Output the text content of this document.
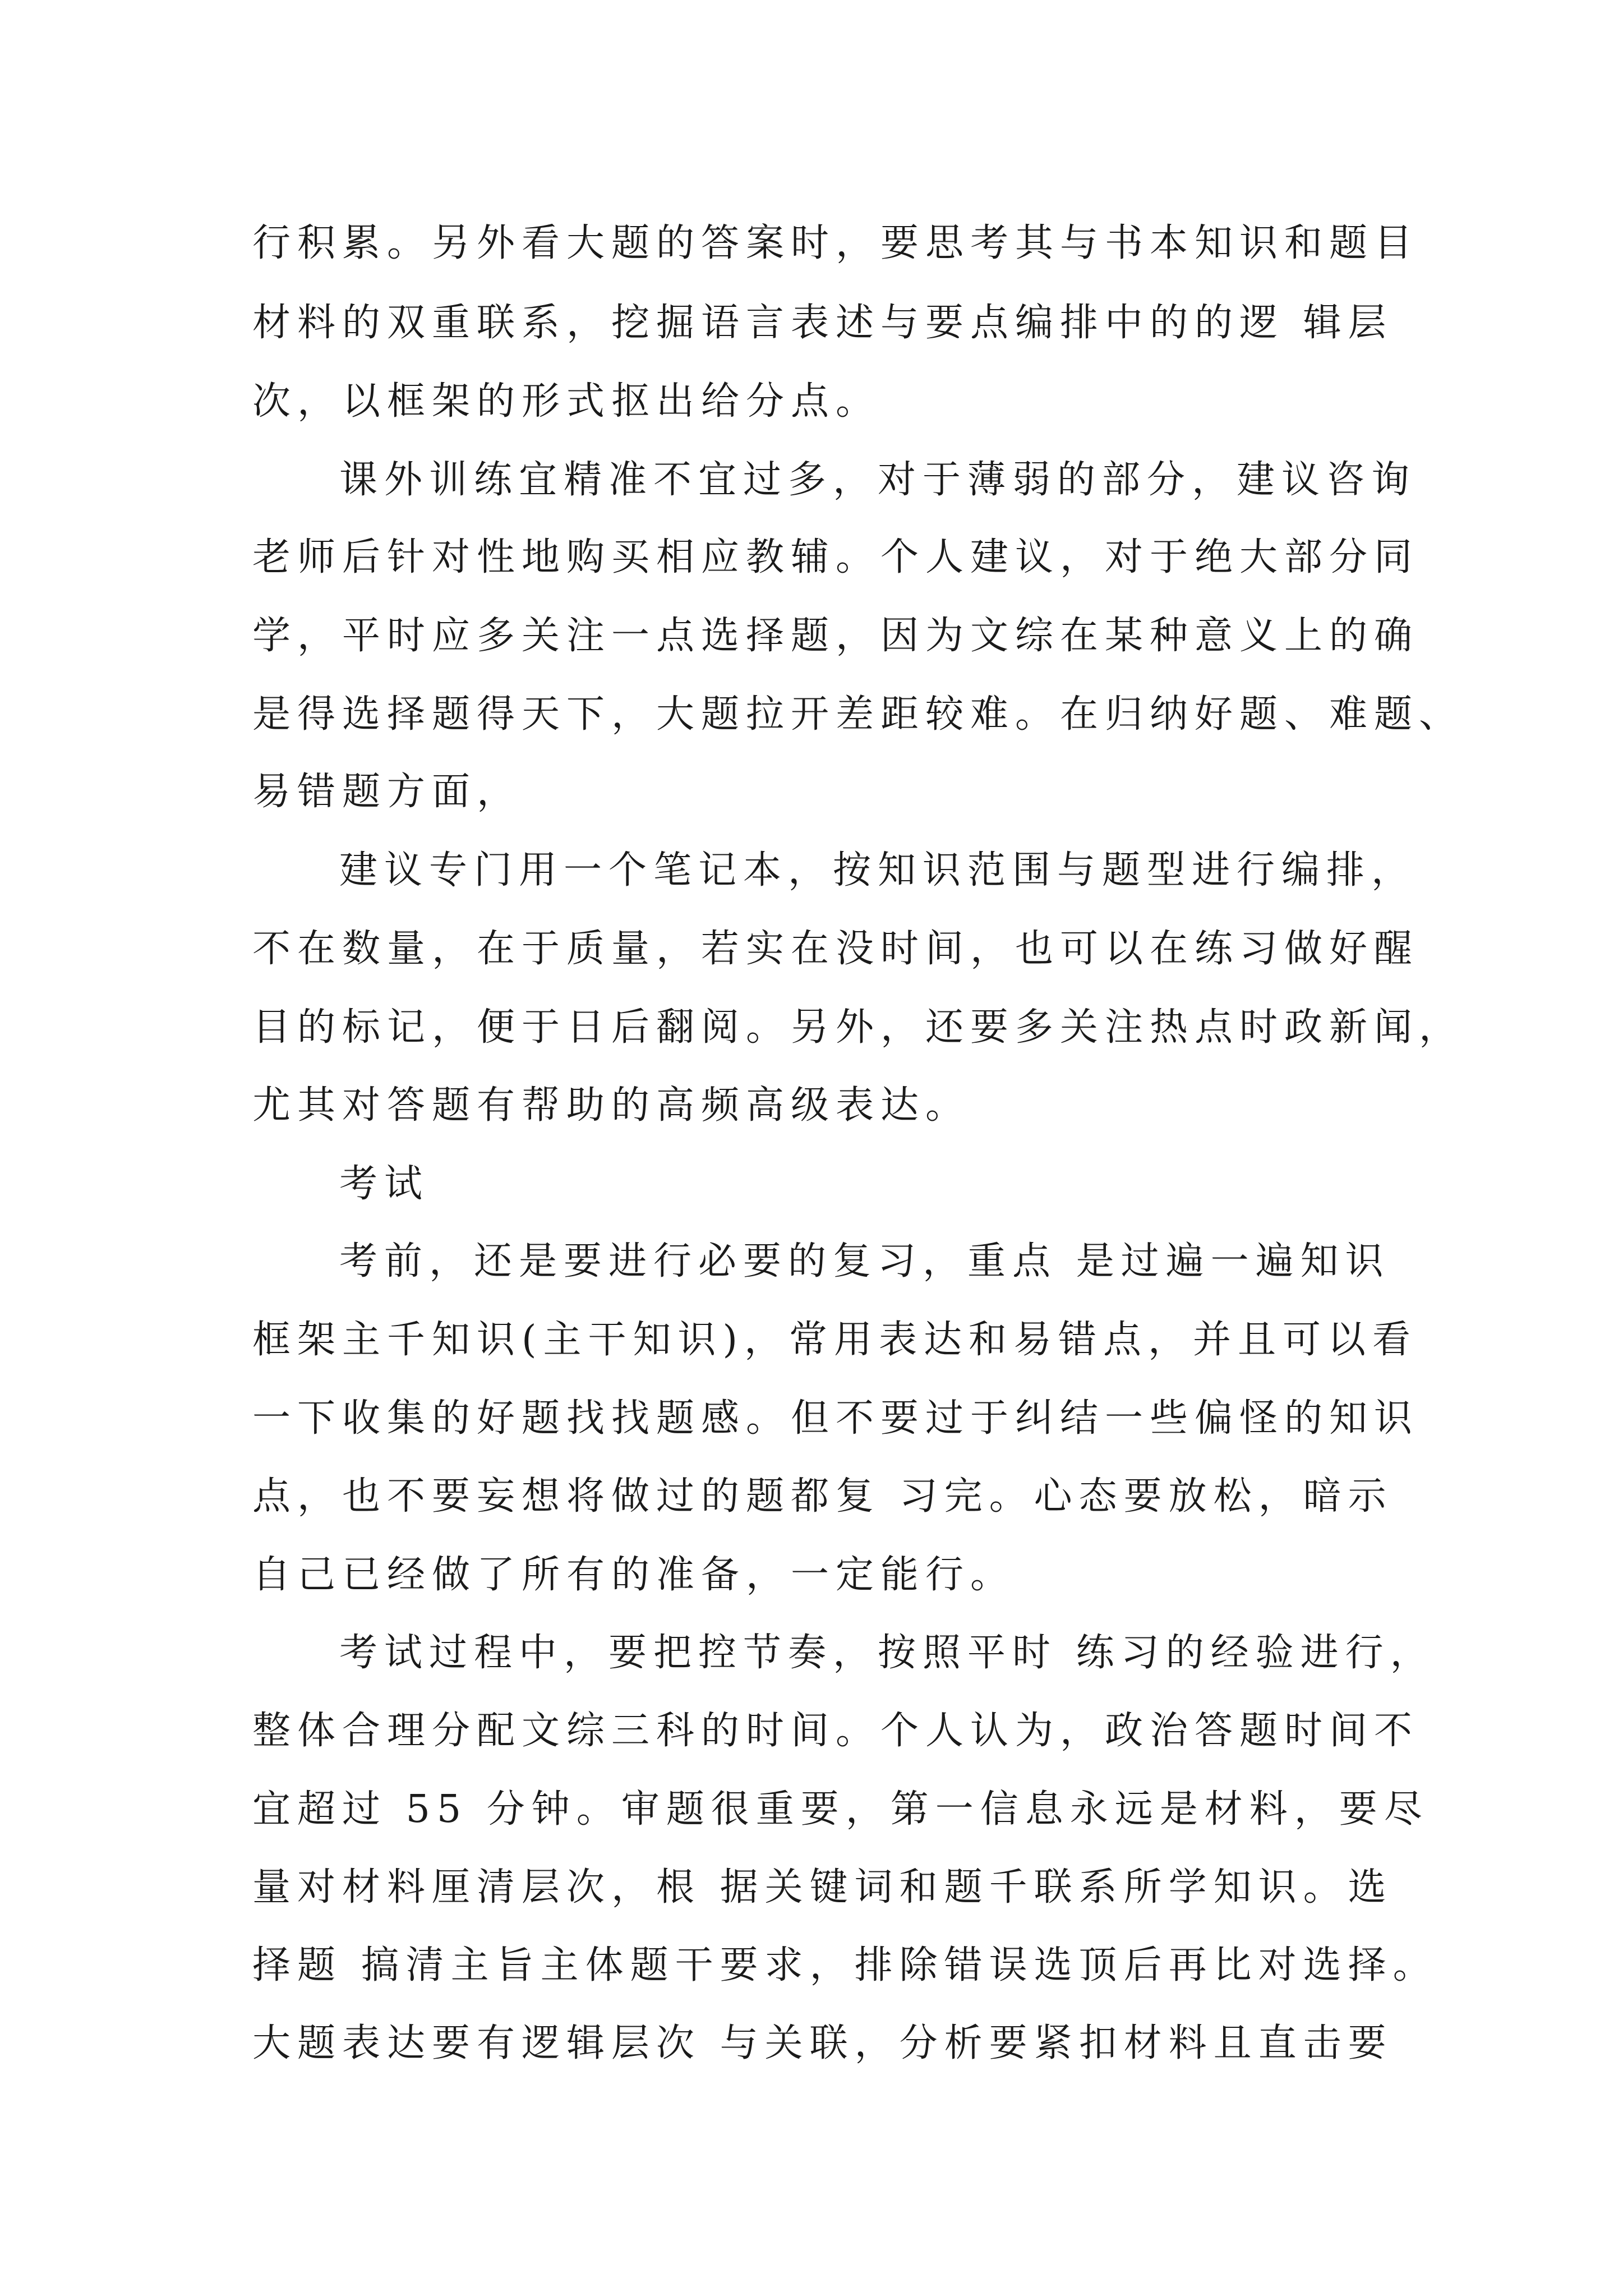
行积累。另外看大题的答案时，要思考其与书本知识和题目

材料的双重联系，挖掘语言表述与要点编排中的的逻 辑层

次，以框架的形式抠出给分点。

课外训练宜精准不宜过多，对于薄弱的部分，建议咨询

老师后针对性地购买相应教辅。个人建议，对于绝大部分同

学，平时应多关注一点选择题，因为文综在某种意义上的确

是得选择题得天下，大题拉开差距较难。在归纳好题、难题、

易错题方面，

建议专门用一个笔记本，按知识范围与题型进行编排，

不在数量，在于质量，若实在没时间，也可以在练习做好醒

目的标记，便于日后翻阅。另外，还要多关注热点时政新闻，

尤其对答题有帮助的高频高级表达。

考试

考前，还是要进行必要的复习，重点 是过遍一遍知识

框架主千知识(主干知识)，常用表达和易错点，并且可以看

一下收集的好题找找题感。但不要过于纠结一些偏怪的知识

点，也不要妄想将做过的题都复 习完。心态要放松，暗示

自己已经做了所有的准备，一定能行。

考试过程中，要把控节奏，按照平时 练习的经验进行，

整体合理分配文综三科的时间。个人认为，政治答题时间不

宜超过 55 分钟。审题很重要，第一信息永远是材料，要尽

量对材料厘清层次，根 据关键词和题千联系所学知识。选

择题 搞清主旨主体题干要求，排除错误选顶后再比对选择。

大题表达要有逻辑层次 与关联，分析要紧扣材料且直击要
